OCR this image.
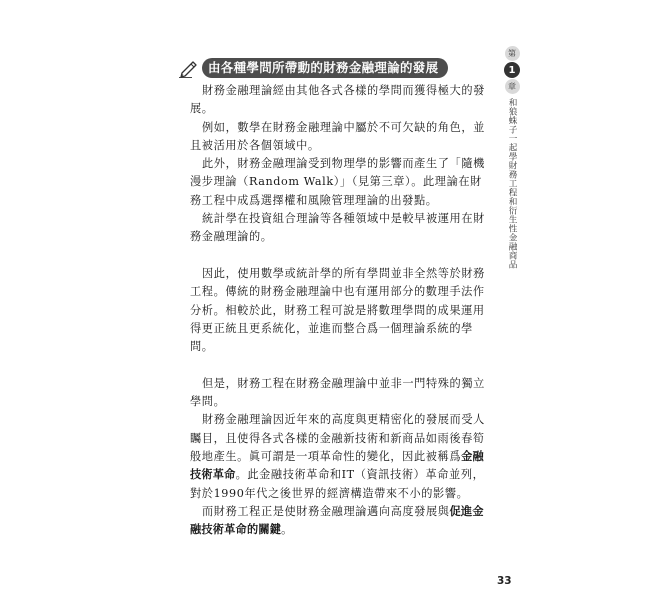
由各種學問所帶動的財務金融理論的發展

財務金融理論經由其他各式各樣的學問而獲得極大的發展。

例如，數學在財務金融理論中屬於不可欠缺的角色，並且被活用於各個領域中。

此外，財務金融理論受到物理學的影響而產生了「隨機漫步理論（Random Walk）」（見第三章）。此理論在財務工程中成爲選擇權和風險管理理論的出發點。

統計學在投資組合理論等各種領域中是較早被運用在財務金融理論的。

因此，使用數學或統計學的所有學問並非全然等於財務工程。傳統的財務金融理論中也有運用部分的數理手法作分析。相較於此，財務工程可說是將數理學問的成果運用得更正統且更系統化，並進而整合爲一個理論系統的學問。

但是，財務工程在財務金融理論中並非一門特殊的獨立學問。

財務金融理論因近年來的高度與更精密化的發展而受人矚目，且使得各式各樣的金融新技術和新商品如雨後春筍般地產生。眞可謂是一項革命性的變化，因此被稱爲金融技術革命。此金融技術革命和IT（資訊技術）革命並列，對於1990年代之後世界的經濟構造帶來不小的影響。

而財務工程正是使財務金融理論邁向高度發展與促進金融技術革命的關鍵。

第
1
章
和狼蛛子一起學財務工程和衍生性金融商品
33
